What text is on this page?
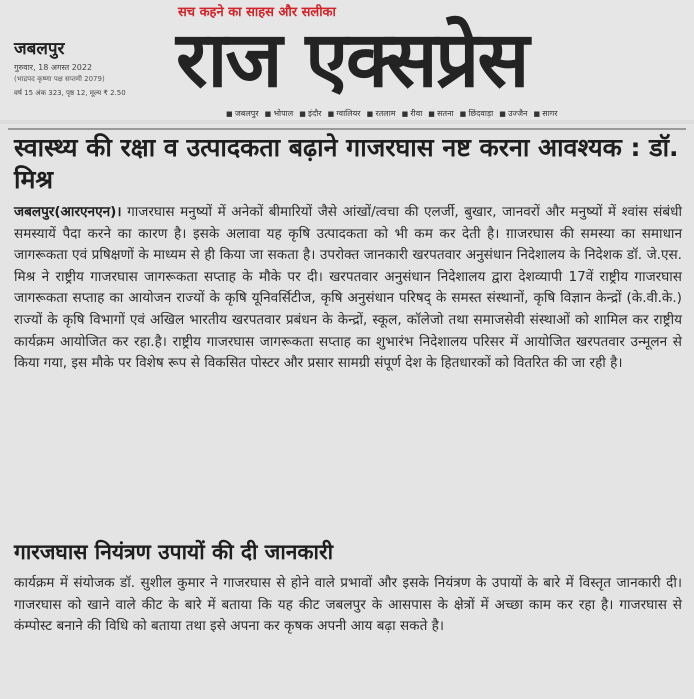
सच कहने का साहस और सलीका
जबलपुर
गुरुवार, 18 अगस्त 2022
(भाद्रपद कृष्णा पक्ष सप्तमी 2079)
वर्ष 15 अंक 323, पृष्ठ 12, मूल्य ₹ 2.50 राज एक्सप्रेस
■ जबलपुर	■ भोपाल	■ इंदौर	■ ग्वालियर	■ रतलाम	■ रीवा	■ सतना	■ छिंदवाड़ा	■ उज्जैन	■ सागर
स्वास्थ्य की रक्षा व उत्पादकता बढ़ाने गाजरघास नष्ट करना आवश्यक : डॉ. मिश्र

जबलपुर(आरएनएन)। गाजरघास मनुष्यों में अनेकों बीमारियों जैसे आंखों/त्वचा की एलर्जी, बुखार, जानवरों और मनुष्यों में श्वांस संबंधी समस्यायें पैदा करने का कारण है। इसके अलावा यह कृषि उत्पादकता को भी कम कर देती है। ग़ाजरघास की समस्या का समाधान जागरूकता एवं प्रषिक्षणों के माध्यम से ही किया जा सकता है। उपरोक्त जानकारी खरपतवार अनुसंधान निदेशालय के निदेशक डॉ. जे.एस. मिश्र ने राष्ट्रीय गाजरघास जागरूकता सप्ताह के मौके पर दी। खरपतवार अनुसंधान निदेशालय द्वारा देशव्यापी 17वें राष्ट्रीय गाजरघास जागरूकता सप्ताह का आयोजन राज्यों के कृषि यूनिवर्सिटीज, कृषि अनुसंधान परिषद् के समस्त संस्थानों, कृषि विज्ञान केन्द्रों (के.वी.के.) राज्यों के कृषि विभागों एवं अखिल भारतीय खरपतवार प्रबंधन के केन्द्रों, स्कूल, कॉलेजो तथा समाजसेवी संस्थाओं को शामिल कर राष्ट्रीय कार्यक्रम आयोजित कर रहा.है। राष्ट्रीय गाजरघास जागरूकता सप्ताह का शुभारंभ निदेशालय परिसर में आयोजित खरपतवार उन्मूलन से किया गया, इस मौके पर विशेष रूप से विकसित पोस्टर और प्रसार सामग्री संपूर्ण देश के हितधारकों को वितरित की जा रही है।

गारजघास नियंत्रण उपायों की दी जानकारी

कार्यक्रम में संयोजक डॉ. सुशील कुमार ने गाजरघास से होने वाले प्रभावों और इसके नियंत्रण के उपायों के बारे में विस्तृत जानकारी दी। गाजरघास को खाने वाले कीट के बारे में बताया कि यह कीट जबलपुर के आसपास के क्षेत्रों में अच्छा काम कर रहा है। गाजरघास से कंम्पोस्ट बनाने की विधि को बताया तथा इसे अपना कर कृषक अपनी आय बढ़ा सकते है।
